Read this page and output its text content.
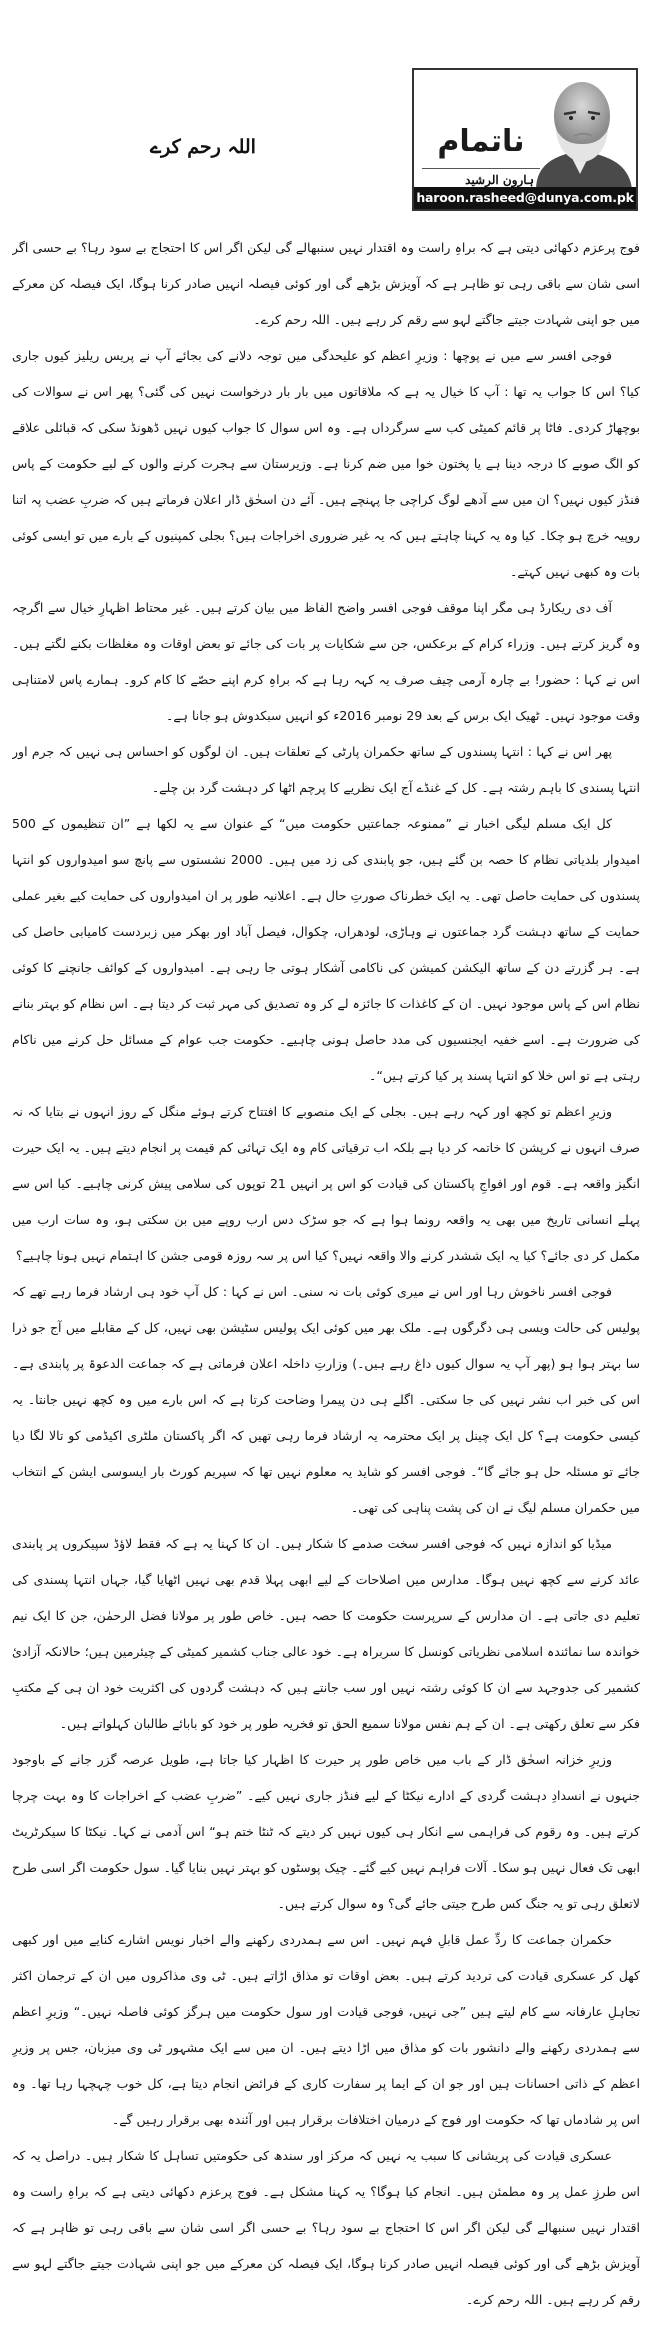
ناتمام
ہارون الرشید
haroon.rasheed@dunya.com.pk
اللہ رحم کرے

فوج پرعزم دکھائی دیتی ہے کہ براہِ راست وہ اقتدار نہیں سنبھالے گی لیکن اگر اس کا احتجاج بے سود رہا؟ بے حسی اگر اسی شان سے باقی رہی تو ظاہر ہے کہ آویزش بڑھے گی اور کوئی فیصلہ انہیں صادر کرنا ہوگا، ایک فیصلہ کن معرکے میں جو اپنی شہادت جیتے جاگتے لہو سے رقم کر رہے ہیں۔ اللہ رحم کرے۔

فوجی افسر سے میں نے پوچھا : وزیرِ اعظم کو علیحدگی میں توجہ دلانے کی بجائے آپ نے پریس ریلیز کیوں جاری کیا؟ اس کا جواب یہ تھا : آپ کا خیال یہ ہے کہ ملاقاتوں میں بار بار درخواست نہیں کی گئی؟ پھر اس نے سوالات کی بوچھاڑ کردی۔ فاٹا پر قائم کمیٹی کب سے سرگرداں ہے۔ وہ اس سوال کا جواب کیوں نہیں ڈھونڈ سکی کہ قبائلی علاقے کو الگ صوبے کا درجہ دینا ہے یا پختون خوا میں ضم کرنا ہے۔ وزیرستان سے ہجرت کرنے والوں کے لیے حکومت کے پاس فنڈز کیوں نہیں؟ ان میں سے آدھے لوگ کراچی جا پہنچے ہیں۔ آئے دن اسحٰق ڈار اعلان فرماتے ہیں کہ ضربِ عضب پہ اتنا روپیہ خرچ ہو چکا۔ کیا وہ یہ کہنا چاہتے ہیں کہ یہ غیر ضروری اخراجات ہیں؟ بجلی کمپنیوں کے بارے میں تو ایسی کوئی بات وہ کبھی نہیں کہتے۔

آف دی ریکارڈ ہی مگر اپنا موقف فوجی افسر واضح الفاظ میں بیان کرتے ہیں۔ غیر محتاط اظہارِ خیال سے اگرچہ وہ گریز کرتے ہیں۔ وزراء کرام کے برعکس، جن سے شکایات پر بات کی جائے تو بعض اوقات وہ مغلظات بکنے لگتے ہیں۔ اس نے کہا : حضور! بے چارہ آرمی چیف صرف یہ کہہ رہا ہے کہ براہِ کرم اپنے حصّے کا کام کرو۔ ہمارے پاس لامتناہی وقت موجود نہیں۔ ٹھیک ایک برس کے بعد 29 نومبر 2016ء کو انہیں سبکدوش ہو جانا ہے۔

پھر اس نے کہا : انتہا پسندوں کے ساتھ حکمران پارٹی کے تعلقات ہیں۔ ان لوگوں کو احساس ہی نہیں کہ جرم اور انتہا پسندی کا باہم رشتہ ہے۔ کل کے غنڈے آج ایک نظریے کا پرچم اٹھا کر دہشت گرد بن چلے۔

کل ایک مسلم لیگی اخبار نے ”ممنوعہ جماعتیں حکومت میں“ کے عنوان سے یہ لکھا ہے ”ان تنظیموں کے 500 امیدوار بلدیاتی نظام کا حصہ بن گئے ہیں، جو پابندی کی زد میں ہیں۔ 2000 نشستوں سے پانچ سو امیدواروں کو انتہا پسندوں کی حمایت حاصل تھی۔ یہ ایک خطرناک صورتِ حال ہے۔ اعلانیہ طور پر ان امیدواروں کی حمایت کیے بغیر عملی حمایت کے ساتھ دہشت گرد جماعتوں نے وہاڑی، لودھراں، چکوال، فیصل آباد اور بھکر میں زبردست کامیابی حاصل کی ہے۔ ہر گزرتے دن کے ساتھ الیکشن کمیشن کی ناکامی آشکار ہوتی جا رہی ہے۔ امیدواروں کے کوائف جانچنے کا کوئی نظام اس کے پاس موجود نہیں۔ ان کے کاغذات کا جائزہ لے کر وہ تصدیق کی مہر ثبت کر دیتا ہے۔ اس نظام کو بہتر بنانے کی ضرورت ہے۔ اسے خفیہ ایجنسیوں کی مدد حاصل ہونی چاہیے۔ حکومت جب عوام کے مسائل حل کرنے میں ناکام رہتی ہے تو اس خلا کو انتہا پسند پر کیا کرتے ہیں“۔

وزیرِ اعظم تو کچھ اور کہہ رہے ہیں۔ بجلی کے ایک منصوبے کا افتتاح کرتے ہوئے منگل کے روز انہوں نے بتایا کہ نہ صرف انہوں نے کرپشن کا خاتمہ کر دیا ہے بلکہ اب ترقیاتی کام وہ ایک تہائی کم قیمت پر انجام دیتے ہیں۔ یہ ایک حیرت انگیز واقعہ ہے۔ قوم اور افواجِ پاکستان کی قیادت کو اس پر انہیں 21 توپوں کی سلامی پیش کرنی چاہیے۔ کیا اس سے پہلے انسانی تاریخ میں بھی یہ واقعہ رونما ہوا ہے کہ جو سڑک دس ارب روپے میں بن سکتی ہو، وہ سات ارب میں مکمل کر دی جائے؟ کیا یہ ایک ششدر کرنے والا واقعہ نہیں؟ کیا اس پر سہ روزہ قومی جشن کا اہتمام نہیں ہونا چاہیے؟

فوجی افسر ناخوش رہا اور اس نے میری کوئی بات نہ سنی۔ اس نے کہا : کل آپ خود ہی ارشاد فرما رہے تھے کہ پولیس کی حالت ویسی ہی دگرگوں ہے۔ ملک بھر میں کوئی ایک پولیس سٹیشن بھی نہیں، کل کے مقابلے میں آج جو ذرا سا بہتر ہوا ہو (پھر آپ یہ سوال کیوں داغ رہے ہیں۔) وزارتِ داخلہ اعلان فرماتی ہے کہ جماعت الدعوۃ پر پابندی ہے۔ اس کی خبر اب نشر نہیں کی جا سکتی۔ اگلے ہی دن پیمرا وضاحت کرتا ہے کہ اس بارے میں وہ کچھ نہیں جانتا۔ یہ کیسی حکومت ہے؟ کل ایک چینل پر ایک محترمہ یہ ارشاد فرما رہی تھیں کہ اگر پاکستان ملٹری اکیڈمی کو تالا لگا دیا جائے تو مسئلہ حل ہو جائے گا“۔ فوجی افسر کو شاید یہ معلوم نہیں تھا کہ سپریم کورٹ بار ایسوسی ایشن کے انتخاب میں حکمران مسلم لیگ نے ان کی پشت پناہی کی تھی۔

میڈیا کو اندازہ نہیں کہ فوجی افسر سخت صدمے کا شکار ہیں۔ ان کا کہنا یہ ہے کہ فقط لاؤڈ سپیکروں پر پابندی عائد کرنے سے کچھ نہیں ہوگا۔ مدارس میں اصلاحات کے لیے ابھی پہلا قدم بھی نہیں اٹھایا گیا، جہاں انتہا پسندی کی تعلیم دی جاتی ہے۔ ان مدارس کے سرپرست حکومت کا حصہ ہیں۔ خاص طور پر مولانا فضل الرحمٰن، جن کا ایک نیم خواندہ سا نمائندہ اسلامی نظریاتی کونسل کا سربراہ ہے۔ خود عالی جناب کشمیر کمیٹی کے چیئرمین ہیں؛ حالانکہ آزادیٔ کشمیر کی جدوجہد سے ان کا کوئی رشتہ نہیں اور سب جانتے ہیں کہ دہشت گردوں کی اکثریت خود ان ہی کے مکتبِ فکر سے تعلق رکھتی ہے۔ ان کے ہم نفس مولانا سمیع الحق تو فخریہ طور پر خود کو بابائے طالبان کہلواتے ہیں۔

وزیرِ خزانہ اسحٰق ڈار کے باب میں خاص طور پر حیرت کا اظہار کیا جاتا ہے، طویل عرصہ گزر جانے کے باوجود جنہوں نے انسدادِ دہشت گردی کے ادارے نیکٹا کے لیے فنڈز جاری نہیں کیے۔ ”ضربِ عضب کے اخراجات کا وہ بہت چرچا کرتے ہیں۔ وہ رقوم کی فراہمی سے انکار ہی کیوں نہیں کر دیتے کہ ٹنٹا ختم ہو“ اس آدمی نے کہا۔ نیکٹا کا سیکرٹریٹ ابھی تک فعال نہیں ہو سکا۔ آلات فراہم نہیں کیے گئے۔ چیک پوسٹوں کو بہتر نہیں بنایا گیا۔ سول حکومت اگر اسی طرح لاتعلق رہی تو یہ جنگ کس طرح جیتی جائے گی؟ وہ سوال کرتے ہیں۔

حکمران جماعت کا ردِّ عمل قابلِ فہم نہیں۔ اس سے ہمدردی رکھنے والے اخبار نویس اشارے کنایے میں اور کبھی کھل کر عسکری قیادت کی تردید کرتے ہیں۔ بعض اوقات تو مذاق اڑاتے ہیں۔ ٹی وی مذاکروں میں ان کے ترجمان اکثر تجاہلِ عارفانہ سے کام لیتے ہیں ”جی نہیں، فوجی قیادت اور سول حکومت میں ہرگز کوئی فاصلہ نہیں۔“ وزیرِ اعظم سے ہمدردی رکھنے والے دانشور بات کو مذاق میں اڑا دیتے ہیں۔ ان میں سے ایک مشہور ٹی وی میزبان، جس پر وزیرِ اعظم کے ذاتی احسانات ہیں اور جو ان کے ایما پر سفارت کاری کے فرائض انجام دیتا ہے، کل خوب چہچہا رہا تھا۔ وہ اس پر شادماں تھا کہ حکومت اور فوج کے درمیان اختلافات برقرار ہیں اور آئندہ بھی برقرار رہیں گے۔

عسکری قیادت کی پریشانی کا سبب یہ نہیں کہ مرکز اور سندھ کی حکومتیں تساہل کا شکار ہیں۔ دراصل یہ کہ اس طرزِ عمل پر وہ مطمئن ہیں۔ انجام کیا ہوگا؟ یہ کہنا مشکل ہے۔ فوج پرعزم دکھائی دیتی ہے کہ براہِ راست وہ اقتدار نہیں سنبھالے گی لیکن اگر اس کا احتجاج بے سود رہا؟ بے حسی اگر اسی شان سے باقی رہی تو ظاہر ہے کہ آویزش بڑھے گی اور کوئی فیصلہ انہیں صادر کرنا ہوگا، ایک فیصلہ کن معرکے میں جو اپنی شہادت جیتے جاگتے لہو سے رقم کر رہے ہیں۔ اللہ رحم کرے۔
